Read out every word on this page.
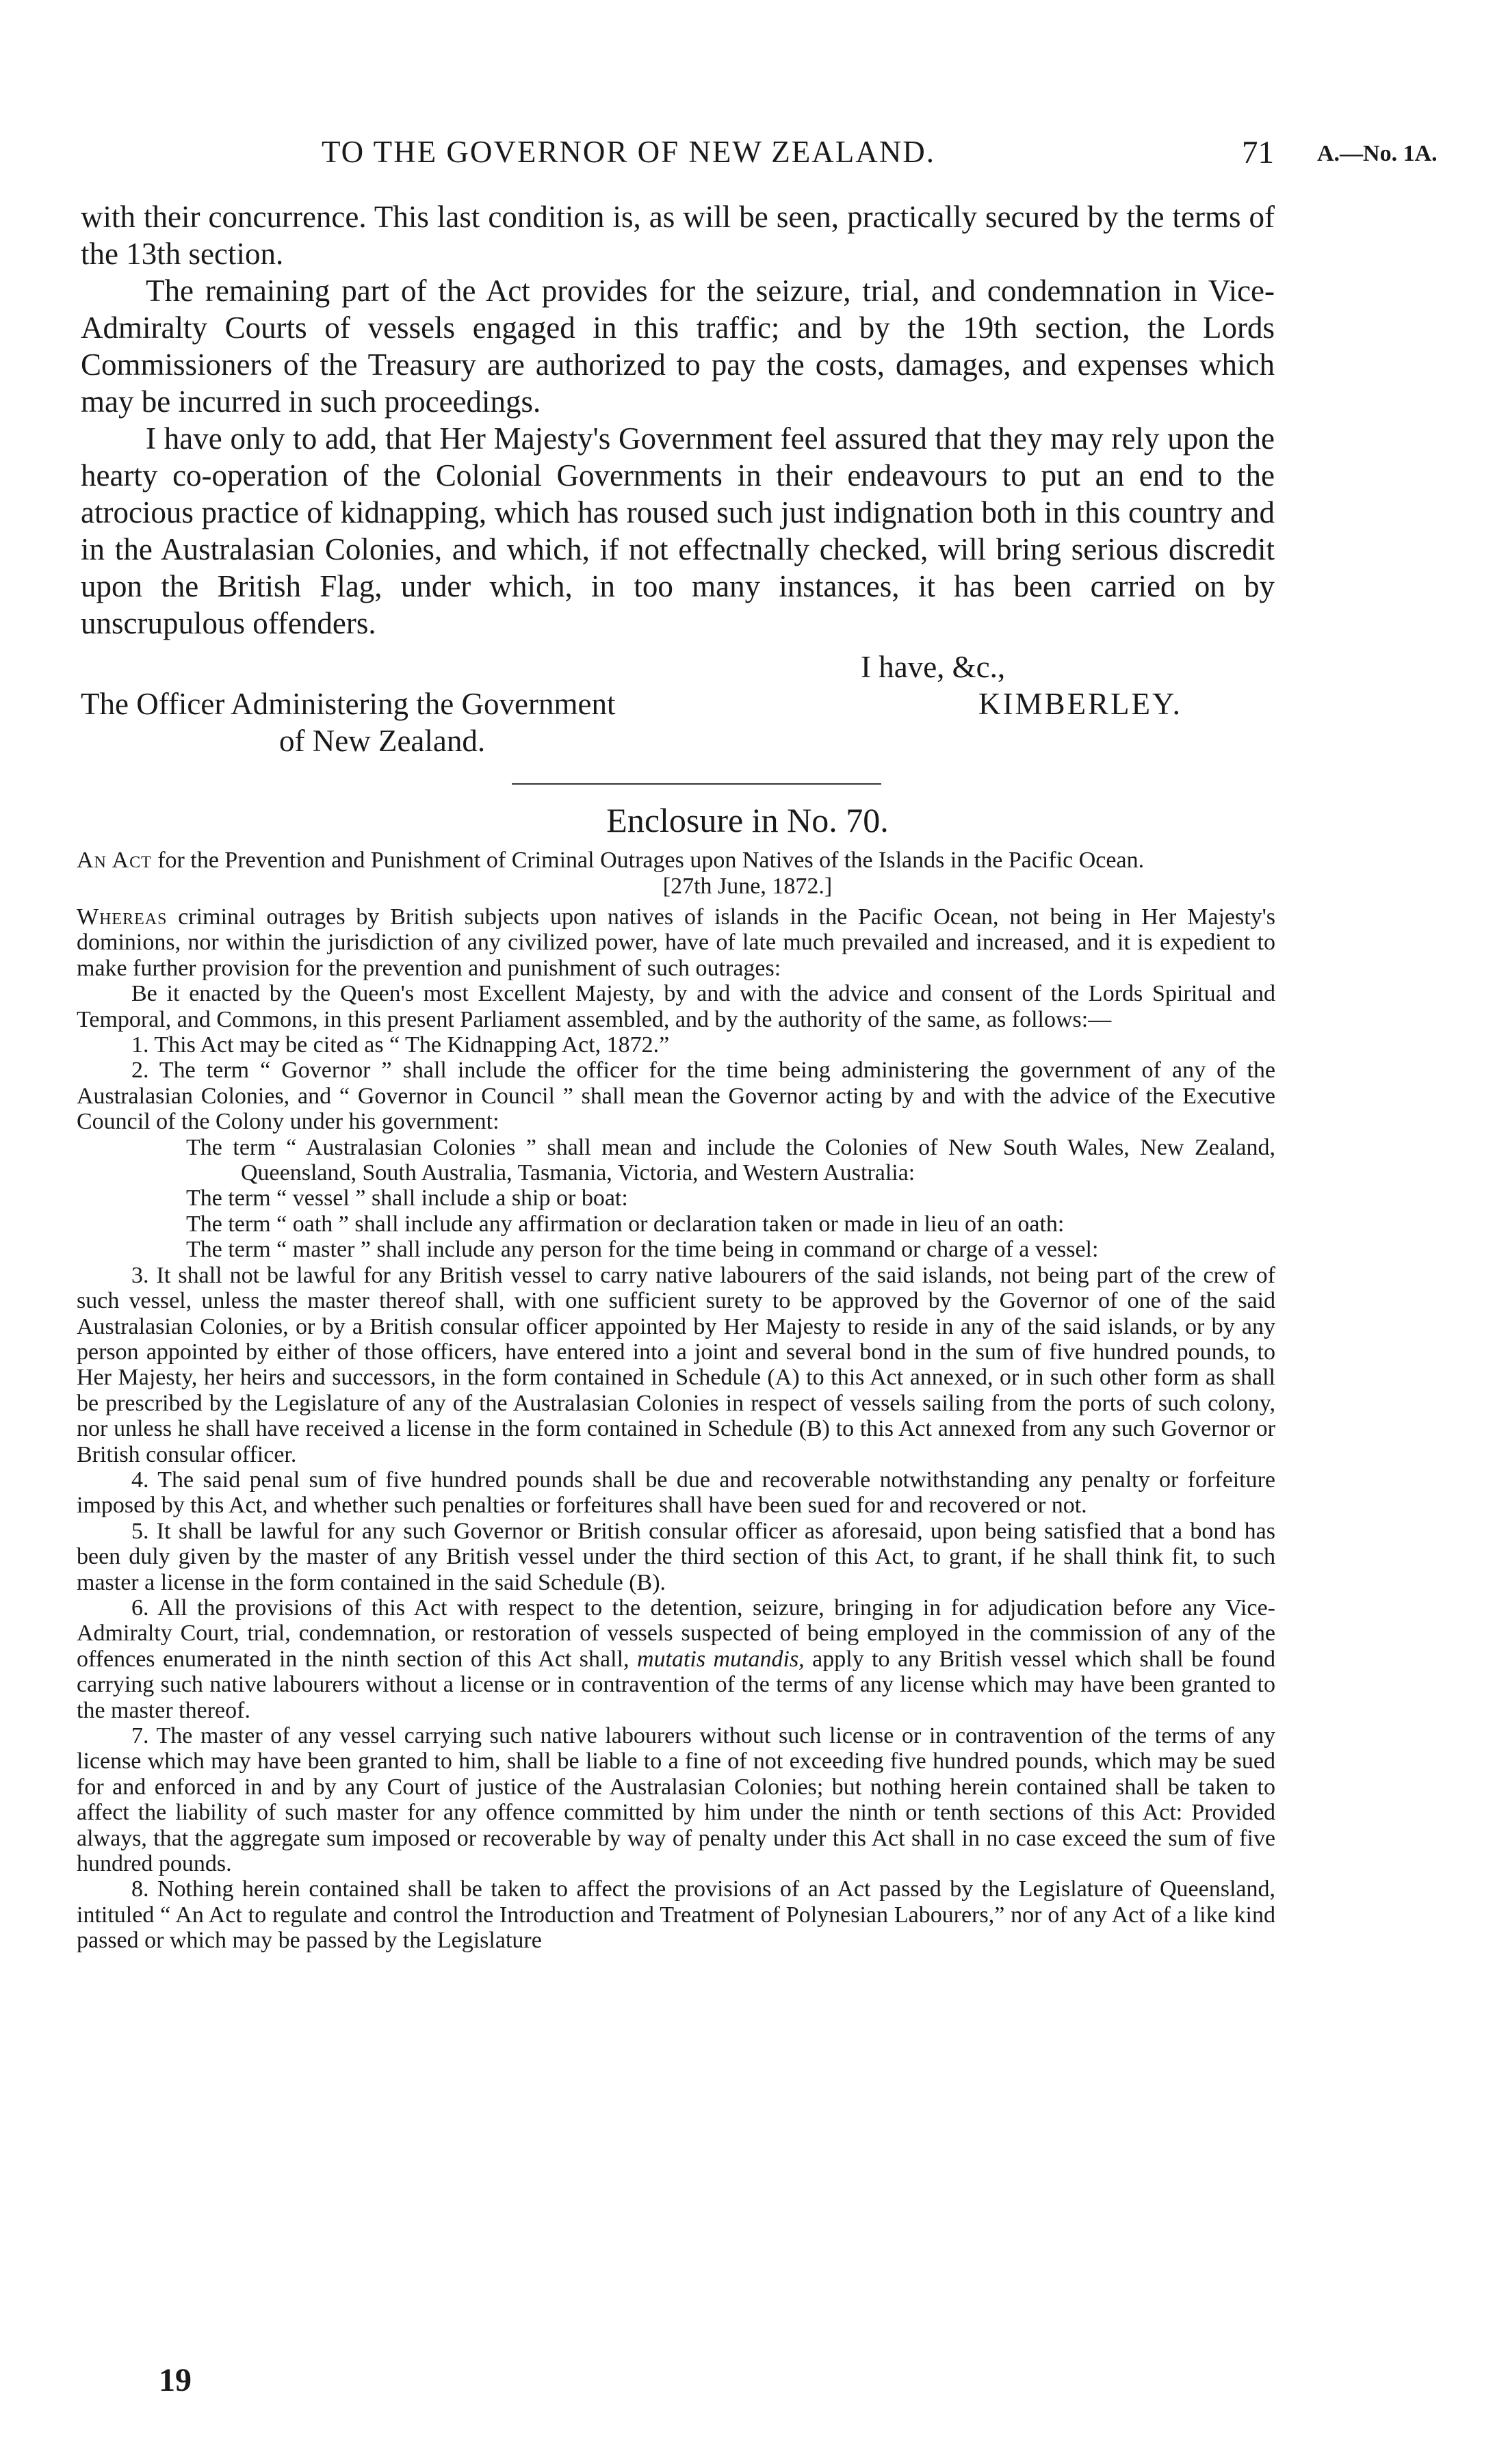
TO THE GOVERNOR OF NEW ZEALAND.	71 A.—No. 1A.

with their concurrence. This last condition is, as will be seen, practically secured by the terms of the 13th section.

The remaining part of the Act provides for the seizure, trial, and condemnation in Vice-Admiralty Courts of vessels engaged in this traffic; and by the 19th section, the Lords Commissioners of the Treasury are authorized to pay the costs, damages, and expenses which may be incurred in such proceedings.

I have only to add, that Her Majesty's Government feel assured that they may rely upon the hearty co-operation of the Colonial Governments in their endeavours to put an end to the atrocious practice of kidnapping, which has roused such just indignation both in this country and in the Australasian Colonies, and which, if not effectnally checked, will bring serious discredit upon the British Flag, under which, in too many instances, it has been carried on by unscrupulous offenders.

I have, &c.,
The Officer Administering the Government
of New Zealand.
KIMBERLEY.
Enclosure in No. 70.
An Act for the Prevention and Punishment of Criminal Outrages upon Natives of the Islands in the Pacific Ocean.
[27th June, 1872.]

Whereas criminal outrages by British subjects upon natives of islands in the Pacific Ocean, not being in Her Majesty's dominions, nor within the jurisdiction of any civilized power, have of late much prevailed and increased, and it is expedient to make further provision for the prevention and punishment of such outrages:

Be it enacted by the Queen's most Excellent Majesty, by and with the advice and consent of the Lords Spiritual and Temporal, and Commons, in this present Parliament assembled, and by the authority of the same, as follows:—

1. This Act may be cited as “ The Kidnapping Act, 1872.”

2. The term “ Governor ” shall include the officer for the time being administering the government of any of the Australasian Colonies, and “ Governor in Council ” shall mean the Governor acting by and with the advice of the Executive Council of the Colony under his government:

The term “ Australasian Colonies ” shall mean and include the Colonies of New South Wales, New Zealand, Queensland, South Australia, Tasmania, Victoria, and Western Australia:

The term “ vessel ” shall include a ship or boat:

The term “ oath ” shall include any affirmation or declaration taken or made in lieu of an oath:

The term “ master ” shall include any person for the time being in command or charge of a vessel:

3. It shall not be lawful for any British vessel to carry native labourers of the said islands, not being part of the crew of such vessel, unless the master thereof shall, with one sufficient surety to be approved by the Governor of one of the said Australasian Colonies, or by a British consular officer appointed by Her Majesty to reside in any of the said islands, or by any person appointed by either of those officers, have entered into a joint and several bond in the sum of five hundred pounds, to Her Majesty, her heirs and successors, in the form contained in Schedule (A) to this Act annexed, or in such other form as shall be prescribed by the Legislature of any of the Australasian Colonies in respect of vessels sailing from the ports of such colony, nor unless he shall have received a license in the form contained in Schedule (B) to this Act annexed from any such Governor or British consular officer.

4. The said penal sum of five hundred pounds shall be due and recoverable notwithstanding any penalty or forfeiture imposed by this Act, and whether such penalties or forfeitures shall have been sued for and recovered or not.

5. It shall be lawful for any such Governor or British consular officer as aforesaid, upon being satisfied that a bond has been duly given by the master of any British vessel under the third section of this Act, to grant, if he shall think fit, to such master a license in the form contained in the said Schedule (B).

6. All the provisions of this Act with respect to the detention, seizure, bringing in for adjudication before any Vice-Admiralty Court, trial, condemnation, or restoration of vessels suspected of being employed in the commission of any of the offences enumerated in the ninth section of this Act shall, mutatis mutandis, apply to any British vessel which shall be found carrying such native labourers without a license or in contravention of the terms of any license which may have been granted to the master thereof.

7. The master of any vessel carrying such native labourers without such license or in contravention of the terms of any license which may have been granted to him, shall be liable to a fine of not exceeding five hundred pounds, which may be sued for and enforced in and by any Court of justice of the Australasian Colonies; but nothing herein contained shall be taken to affect the liability of such master for any offence committed by him under the ninth or tenth sections of this Act: Provided always, that the aggregate sum imposed or recoverable by way of penalty under this Act shall in no case exceed the sum of five hundred pounds.

8. Nothing herein contained shall be taken to affect the provisions of an Act passed by the Legislature of Queensland, intituled “ An Act to regulate and control the Introduction and Treatment of Polynesian Labourers,” nor of any Act of a like kind passed or which may be passed by the Legislature

19
